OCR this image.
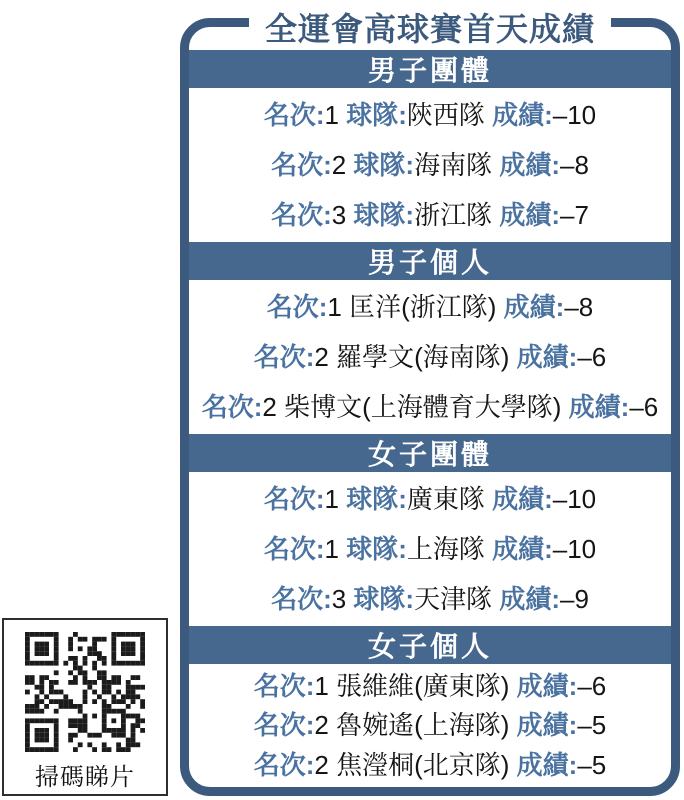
掃碼睇片
全運會高球賽首天成績
男子團體
名次:1 球隊:陝西隊 成績:–10
名次:2 球隊:海南隊 成績:–8
名次:3 球隊:浙江隊 成績:–7
男子個人
名次:1 匡洋(浙江隊) 成績:–8
名次:2 羅學文(海南隊) 成績:–6
名次:2 柴博文(上海體育大學隊) 成績:–6
女子團體
名次:1 球隊:廣東隊 成績:–10
名次:1 球隊:上海隊 成績:–10
名次:3 球隊:天津隊 成績:–9
女子個人
名次:1 張維維(廣東隊) 成績:–6
名次:2 魯婉遙(上海隊) 成績:–5
名次:2 焦瀅桐(北京隊) 成績:–5
